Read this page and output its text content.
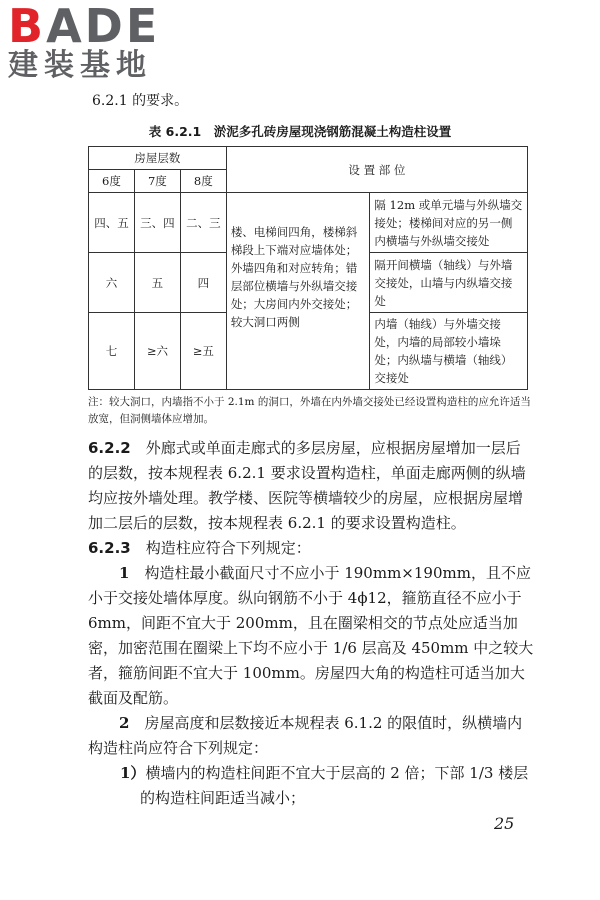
BADE
建装基地
6.2.1 的要求。
表 6.2.1　淤泥多孔砖房屋现浇钢筋混凝土构造柱设置
房屋层数			设 置 部 位	
6度	7度	8度		
四、五	三、四	二、三	楼、电梯间四角，楼梯斜梯段上下端对应墙体处；外墙四角和对应转角；错层部位横墙与外纵墙交接处；大房间内外交接处；较大洞口两侧	隔 12m 或单元墙与外纵墙交接处；楼梯间对应的另一侧内横墙与外纵墙交接处
六	五	四		隔开间横墙（轴线）与外墙交接处，山墙与内纵墙交接处
七	≥六	≥五		内墙（轴线）与外墙交接处，内墙的局部较小墙垛处；内纵墙与横墙（轴线）交接处
注：较大洞口，内墙指不小于 2.1m 的洞口，外墙在内外墙交接处已经设置构造柱的应允许适当放宽，但洞侧墙体应增加。

6.2.2　 外廊式或单面走廊式的多层房屋，应根据房屋增加一层后的层数，按本规程表 6.2.1 要求设置构造柱，单面走廊两侧的纵墙均应按外墙处理。教学楼、医院等横墙较少的房屋，应根据房屋增加二层后的层数，按本规程表 6.2.1 的要求设置构造柱。

6.2.3　 构造柱应符合下列规定：

1　 构造柱最小截面尺寸不应小于 190mm×190mm，且不应小于交接处墙体厚度。纵向钢筋不小于 4ϕ12，箍筋直径不应小于 6mm，间距不宜大于 200mm，且在圈梁相交的节点处应适当加密，加密范围在圈梁上下均不应小于 1/6 层高及 450mm 中之较大者，箍筋间距不宜大于 100mm。房屋四大角的构造柱可适当加大截面及配筋。

2　 房屋高度和层数接近本规程表 6.1.2 的限值时，纵横墙内构造柱尚应符合下列规定：

1）横墙内的构造柱间距不宜大于层高的 2 倍；下部 1/3 楼层的构造柱间距适当减小；

25
